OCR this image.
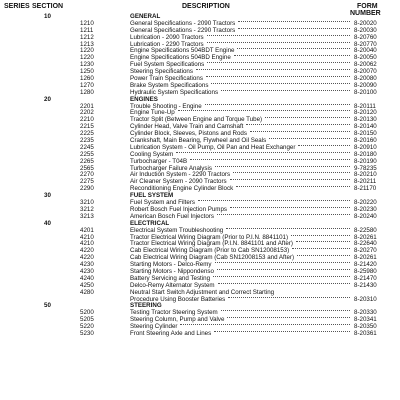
SERIES SECTION	DESCRIPTION	FORM
NUMBER
10	GENERAL
1210	General Specifications - 2090 Tractors	8-20020
1211	General Specifications - 2290 Tractors	8-20030
1212	Lubrication - 2090 Tractors	8-20760
1213	Lubrication - 2290 Tractors	8-20770
1220	Engine Specifications 504BDT Engine	8-20040
1220	Engine Specifications 504BD Engine	8-20050
1230	Fuel System Specifications	8-20062
1250	Steering Specifications	8-20070
1260	Power Train Specifications	8-20080
1270	Brake System Specifications	8-20090
1280	Hydraulic System Specifications	8-20100
20	ENGINES
2201	Trouble Shooting - Engine	8-20111
2202	Engine Tune-Up	8-20120
2210	Tractor Split (Between Engine and Torque Tube)	8-20130
2215	Cylinder Head, Valve Train and Camshaft	8-20140
2225	Cylinder Block, Sleeves, Pistons and Rods	8-20150
2235	Crankshaft, Main Bearing, Flywheel and Oil Seals	8-20160
2245	Lubrication System - Oil Pump, Oil Pan and Heat Exchanger	8-20910
2255	Cooling System	8-20180
2265	Turbocharger - T04B	8-20190
2565	Turbocharger Failure Analysis	9-78235
2270	Air Induction System - 2290 Tractors	8-20210
2275	Air Cleaner System - 2090 Tractors	8-20211
2290	Reconditioning Engine Cylinder Block	8-21170
30	FUEL SYSTEM
3210	Fuel System and Filters	8-20220
3212	Robert Bosch Fuel Injection Pumps	8-20230
3213	American Bosch Fuel Injectors	8-20240
40	ELECTRICAL
4201	Electrical System Troubleshooting	8-22580
4210	Tractor Electrical Wiring Diagram (Prior to P.I.N. 8841101)	8-20261
4210	Tractor Electrical Wiring Diagram (P.I.N. 8841101 and After)	8-22640
4220	Cab Electrical Wiring Diagram (Prior to Cab SN12008153)	8-20270
4220	Cab Electrical Wiring Diagram (Cab SN12008153 and After)	8-20261
4230	Starting Motors - Delco-Remy	8-21420
4230	Starting Motors - Nippondenso	8-25980
4240	Battery Servicing and Testing	8-21470
4250	Delco-Remy Alternator System	8-21430
4280	Neutral Start Switch Adjustment and Correct Starting
Procedure Using Booster Batteries	8-20310
50	STEERING
5200	Testing Tractor Steering System	8-20330
5205	Steering Column, Pump and Valve	8-20341
5220	Steering Cylinder	8-20350
5230	Front Steering Axle and Lines	8-20361
